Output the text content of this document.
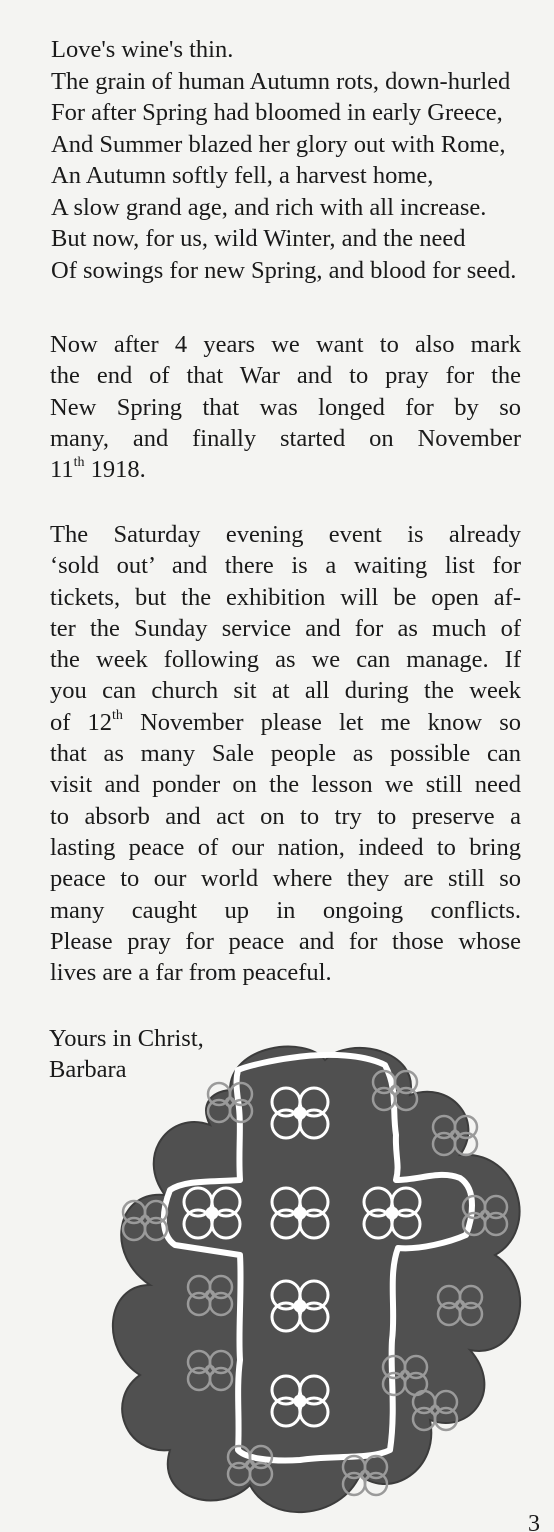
Love's wine's thin.
The grain of human Autumn rots, down-hurled
For after Spring had bloomed in early Greece,
And Summer blazed her glory out with Rome,
An Autumn softly fell, a harvest home,
A slow grand age, and rich with all increase.
But now, for us, wild Winter, and the need
Of sowings for new Spring, and blood for seed.
Now after 4 years we want to also mark
the end of that War and to pray for the
New Spring that was longed for by so
many, and finally started on November
11th 1918.
The Saturday evening event is already
‘sold out’ and there is a waiting list for
tickets, but the exhibition will be open af-
ter the Sunday service and for as much of
the week following as we can manage. If
you can church sit at all during the week
of 12th November please let me know so
that as many Sale people as possible can
visit and ponder on the lesson we still need
to absorb and act on to try to preserve a
lasting peace of our nation, indeed to bring
peace to our world where they are still so
many caught up in ongoing conflicts.
Please pray for peace and for those whose
lives are a far from peaceful.
Yours in Christ,
Barbara
3
